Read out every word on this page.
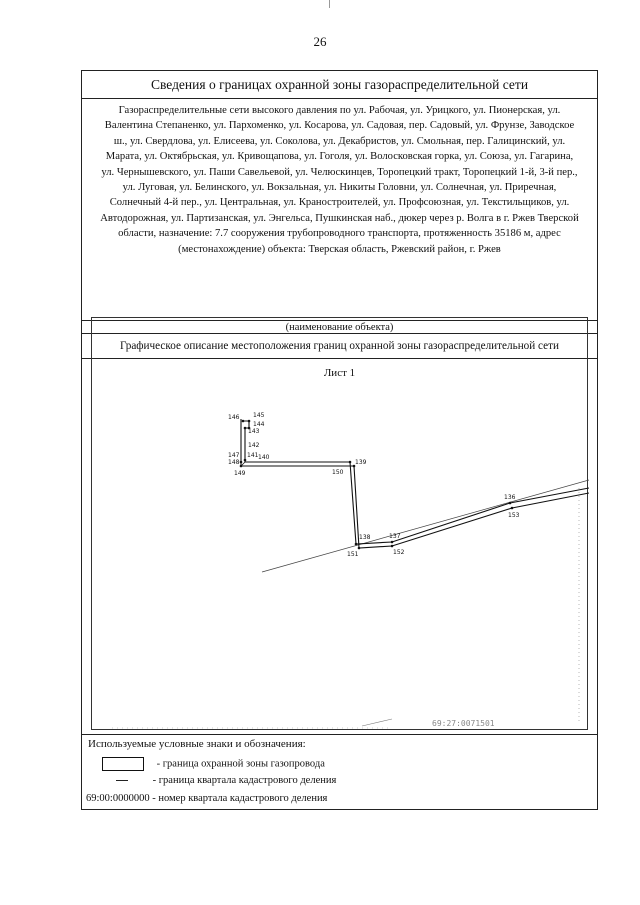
26
Сведения о границах охранной зоны газораспределительной сети
Газораспределительные сети высокого давления по ул. Рабочая, ул. Урицкого, ул. Пионерская, ул. Валентина Степаненко, ул. Пархоменко, ул. Косарова, ул. Садовая, пер. Садовый, ул. Фрунзе, Заводское ш., ул. Свердлова, ул. Елисеева, ул. Соколова, ул. Декабристов, ул. Смольная, пер. Галицинский, ул. Марата, ул. Октябрьская, ул. Кривощапова, ул. Гоголя, ул. Волосковская горка, ул. Союза, ул. Гагарина, ул. Чернышевского, ул. Паши Савельевой, ул. Челюскинцев, Торопецкий тракт, Торопецкий 1-й, 3-й пер., ул. Луговая, ул. Белинского, ул. Вокзальная, ул. Никиты Головни, ул. Солнечная, ул. Приречная, Солнечный 4-й пер., ул. Центральная, ул. Краностроителей, ул. Профсоюзная, ул. Текстильщиков, ул. Автодорожная, ул. Партизанская, ул. Энгельса, Пушкинская наб., дюкер через р. Волга в г. Ржев Тверской области, назначение: 7.7 сооружения трубопроводного транспорта, протяженность 35186 м, адрес (местонахождение) объекта: Тверская область, Ржевский район, г. Ржев
(наименование объекта)
Графическое описание местоположения границ охранной зоны газораспределительной сети
Лист 1
145
146
144
143
142
147 141 140
148
149
139
150
136
153
138	137
151	152
69:27:0071501
Используемые условные знаки и обозначения:
- граница охранной зоны газопровода
- граница квартала кадастрового деления
69:00:0000000 - номер квартала кадастрового деления
